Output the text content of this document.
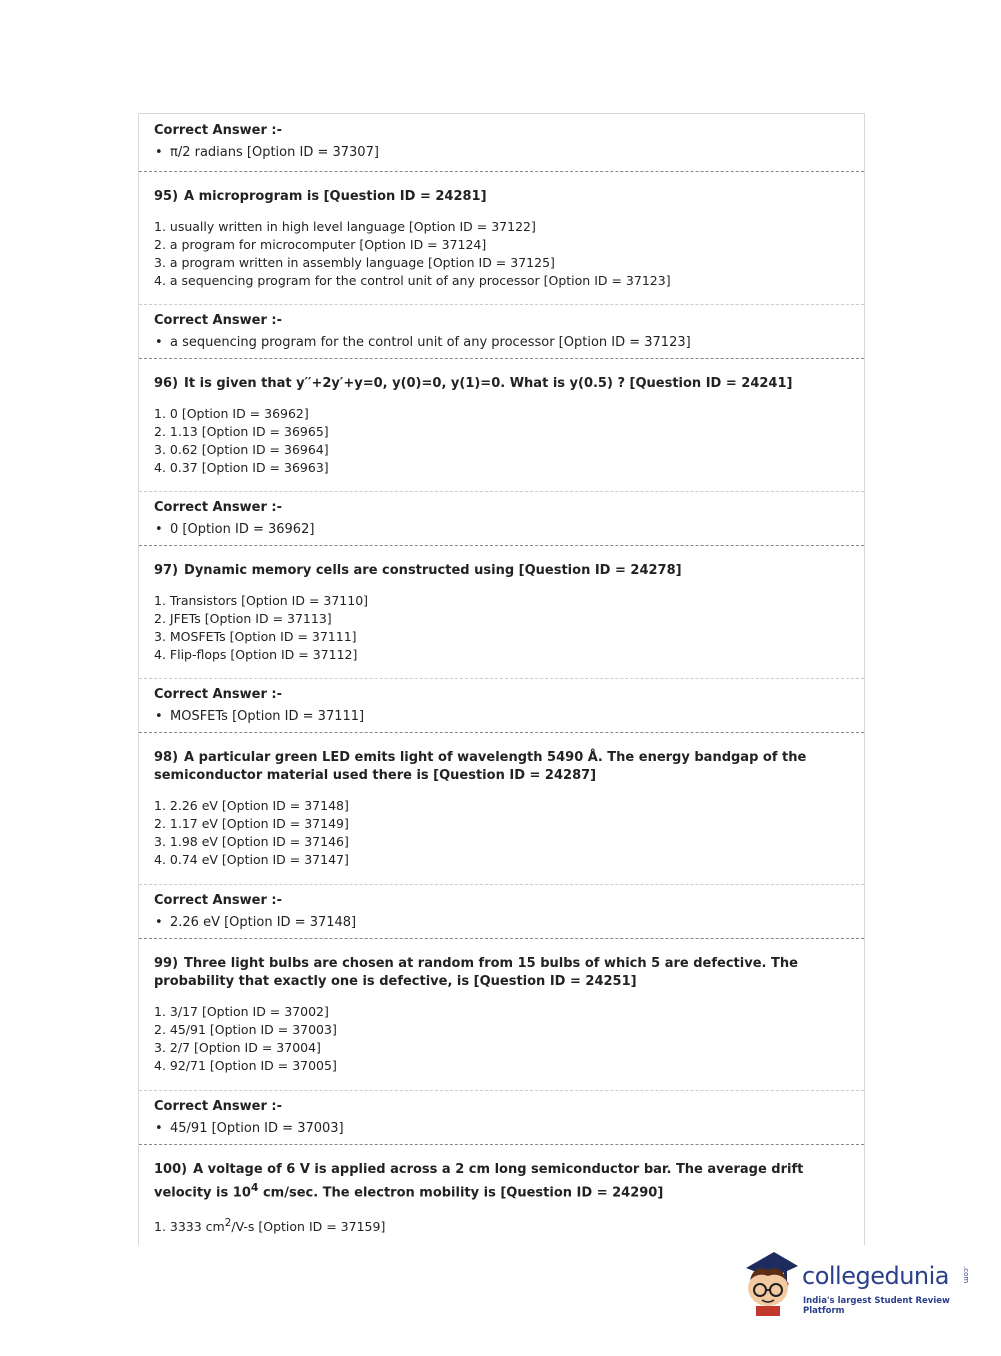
Correct Answer :-

• π/2 radians [Option ID = 37307]

95) A microprogram is [Question ID = 24281]

1. usually written in high level language [Option ID = 37122]
2. a program for microcomputer [Option ID = 37124]
3. a program written in assembly language [Option ID = 37125]
4. a sequencing program for the control unit of any processor [Option ID = 37123]

Correct Answer :-

• a sequencing program for the control unit of any processor [Option ID = 37123]

96) It is given that y′′+2y′+y=0, y(0)=0, y(1)=0. What is y(0.5) ? [Question ID = 24241]

1. 0 [Option ID = 36962]
2. 1.13 [Option ID = 36965]
3. 0.62 [Option ID = 36964]
4. 0.37 [Option ID = 36963]

Correct Answer :-

• 0 [Option ID = 36962]

97) Dynamic memory cells are constructed using [Question ID = 24278]

1. Transistors [Option ID = 37110]
2. JFETs [Option ID = 37113]
3. MOSFETs [Option ID = 37111]
4. Flip-flops [Option ID = 37112]

Correct Answer :-

• MOSFETs [Option ID = 37111]

98) A particular green LED emits light of wavelength 5490 Å. The energy bandgap of the semiconductor material used there is [Question ID = 24287]

1. 2.26 eV [Option ID = 37148]
2. 1.17 eV [Option ID = 37149]
3. 1.98 eV [Option ID = 37146]
4. 0.74 eV [Option ID = 37147]

Correct Answer :-

• 2.26 eV [Option ID = 37148]

99) Three light bulbs are chosen at random from 15 bulbs of which 5 are defective. The probability that exactly one is defective, is [Question ID = 24251]

1. 3/17 [Option ID = 37002]
2. 45/91 [Option ID = 37003]
3. 2/7 [Option ID = 37004]
4. 92/71 [Option ID = 37005]

Correct Answer :-

• 45/91 [Option ID = 37003]

100) A voltage of 6 V is applied across a 2 cm long semiconductor bar. The average drift velocity is $10^4$ cm/sec. The electron mobility is [Question ID = 24290]

1. 3333 $cm^2/V-s$ [Option ID = 37159]
collegedunia .com
India's largest Student Review Platform
